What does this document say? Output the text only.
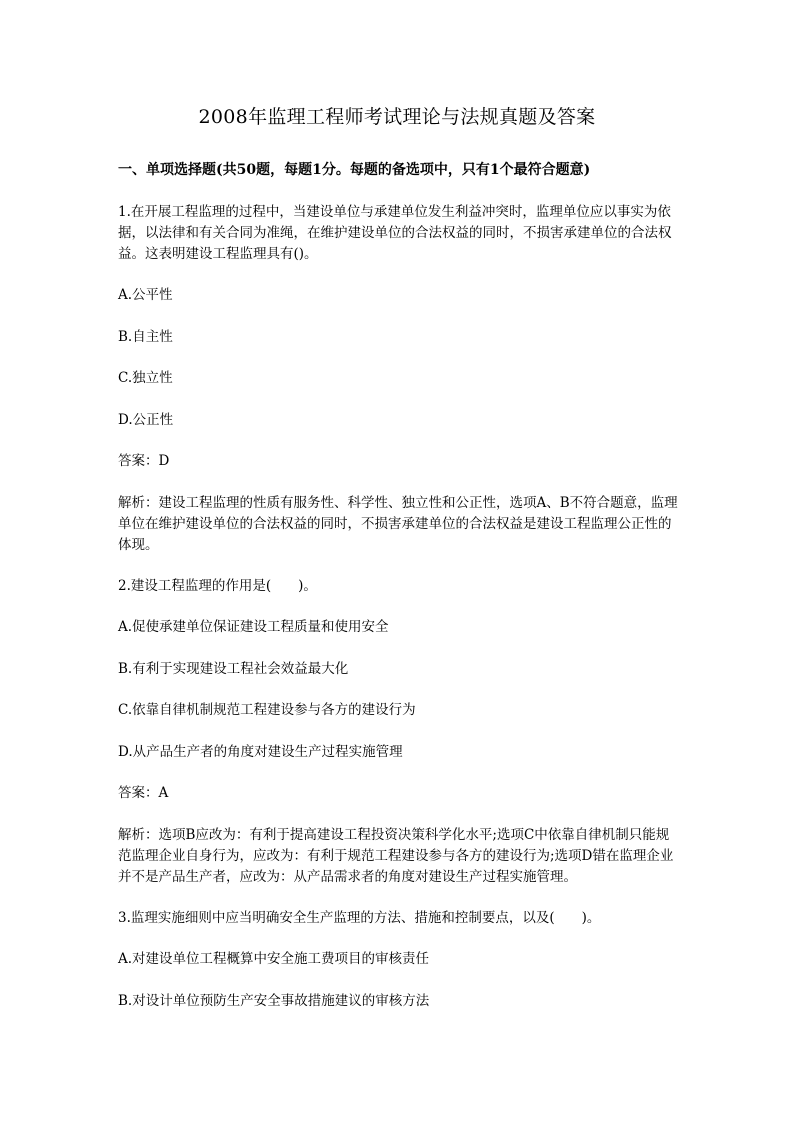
2008年监理工程师考试理论与法规真题及答案
一、单项选择题(共50题，每题1分。每题的备选项中，只有1个最符合题意)

1.在开展工程监理的过程中，当建设单位与承建单位发生利益冲突时，监理单位应以事实为依据，以法律和有关合同为准绳，在维护建设单位的合法权益的同时，不损害承建单位的合法权益。这表明建设工程监理具有()。

A.公平性

B.自主性

C.独立性

D.公正性

答案：D

解析：建设工程监理的性质有服务性、科学性、独立性和公正性，选项A、B不符合题意，监理单位在维护建设单位的合法权益的同时，不损害承建单位的合法权益是建设工程监理公正性的体现。

2.建设工程监理的作用是(　　)。

A.促使承建单位保证建设工程质量和使用安全

B.有利于实现建设工程社会效益最大化

C.依靠自律机制规范工程建设参与各方的建设行为

D.从产品生产者的角度对建设生产过程实施管理

答案：A

解析：选项B应改为：有利于提高建设工程投资决策科学化水平;选项C中依靠自律机制只能规范监理企业自身行为，应改为：有利于规范工程建设参与各方的建设行为;选项D错在监理企业并不是产品生产者，应改为：从产品需求者的角度对建设生产过程实施管理。

3.监理实施细则中应当明确安全生产监理的方法、措施和控制要点，以及(　　)。

A.对建设单位工程概算中安全施工费项目的审核责任

B.对设计单位预防生产安全事故措施建议的审核方法
